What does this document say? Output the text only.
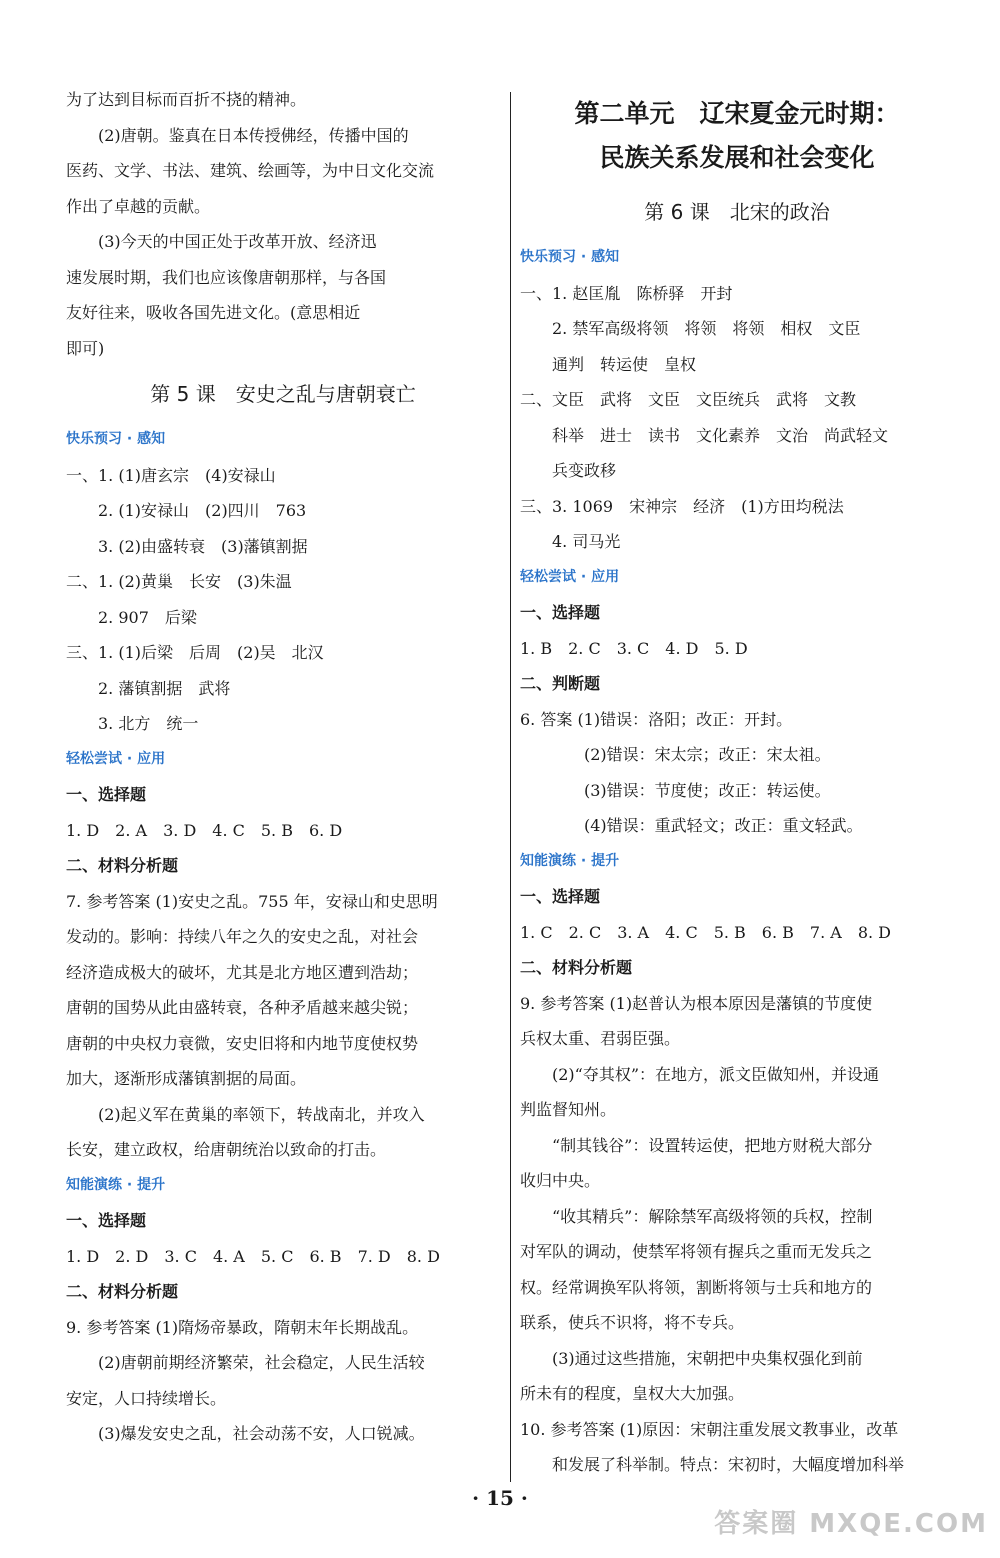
为了达到目标而百折不挠的精神。
(2)唐朝。鉴真在日本传授佛经，传播中国的
医药、文学、书法、建筑、绘画等，为中日文化交流
作出了卓越的贡献。
(3)今天的中国正处于改革开放、经济迅
速发展时期，我们也应该像唐朝那样，与各国
友好往来，吸收各国先进文化。(意思相近
即可)
第 5 课　安史之乱与唐朝衰亡
快乐预习 · 感知
一、1. (1)唐玄宗　(4)安禄山
2. (1)安禄山　(2)四川　763
3. (2)由盛转衰　(3)藩镇割据
二、1. (2)黄巢　长安　(3)朱温
2. 907　后梁
三、1. (1)后梁　后周　(2)吴　北汉
2. 藩镇割据　武将
3. 北方　统一
轻松尝试 · 应用
一、选择题
1. D　2. A　3. D　4. C　5. B　6. D
二、材料分析题
7. 参考答案 (1)安史之乱。755 年，安禄山和史思明
发动的。影响：持续八年之久的安史之乱，对社会
经济造成极大的破坏，尤其是北方地区遭到浩劫；
唐朝的国势从此由盛转衰，各种矛盾越来越尖锐；
唐朝的中央权力衰微，安史旧将和内地节度使权势
加大，逐渐形成藩镇割据的局面。
(2)起义军在黄巢的率领下，转战南北，并攻入
长安，建立政权，给唐朝统治以致命的打击。
知能演练 · 提升
一、选择题
1. D　2. D　3. C　4. A　5. C　6. B　7. D　8. D
二、材料分析题
9. 参考答案 (1)隋炀帝暴政，隋朝末年长期战乱。
(2)唐朝前期经济繁荣，社会稳定，人民生活较
安定，人口持续增长。
(3)爆发安史之乱，社会动荡不安，人口锐减。
第二单元　辽宋夏金元时期：
民族关系发展和社会变化
第 6 课　北宋的政治
快乐预习 · 感知
一、1. 赵匡胤　陈桥驿　开封
2. 禁军高级将领　将领　将领　相权　文臣
通判　转运使　皇权
二、文臣　武将　文臣　文臣统兵　武将　文教
科举　进士　读书　文化素养　文治　尚武轻文
兵变政移
三、3. 1069　宋神宗　经济　(1)方田均税法
4. 司马光
轻松尝试 · 应用
一、选择题
1. B　2. C　3. C　4. D　5. D
二、判断题
6. 答案 (1)错误：洛阳；改正：开封。
(2)错误：宋太宗；改正：宋太祖。
(3)错误：节度使；改正：转运使。
(4)错误：重武轻文；改正：重文轻武。
知能演练 · 提升
一、选择题
1. C　2. C　3. A　4. C　5. B　6. B　7. A　8. D
二、材料分析题
9. 参考答案 (1)赵普认为根本原因是藩镇的节度使
兵权太重、君弱臣强。
(2)“夺其权”：在地方，派文臣做知州，并设通
判监督知州。
“制其钱谷”：设置转运使，把地方财税大部分
收归中央。
“收其精兵”：解除禁军高级将领的兵权，控制
对军队的调动，使禁军将领有握兵之重而无发兵之
权。经常调换军队将领，割断将领与士兵和地方的
联系，使兵不识将，将不专兵。
(3)通过这些措施，宋朝把中央集权强化到前
所未有的程度，皇权大大加强。
10. 参考答案 (1)原因：宋朝注重发展文教事业，改革
和发展了科举制。特点：宋初时，大幅度增加科举
· 15 ·
答案圈 MXQE.COM
